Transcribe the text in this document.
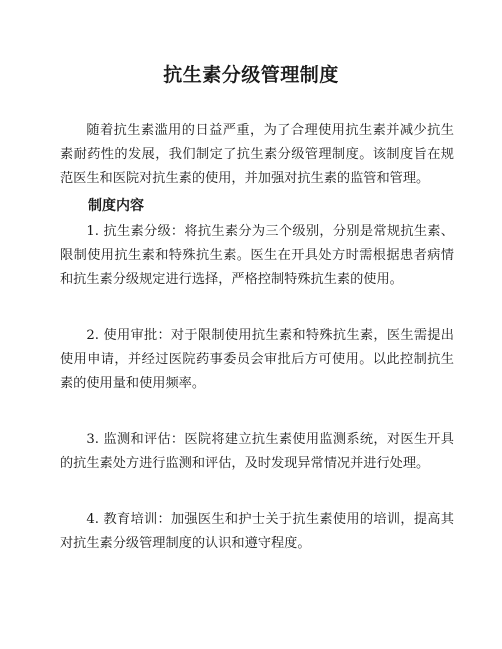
抗生素分级管理制度

随着抗生素滥用的日益严重，为了合理使用抗生素并减少抗生素耐药性的发展，我们制定了抗生素分级管理制度。该制度旨在规范医生和医院对抗生素的使用，并加强对抗生素的监管和管理。

制度内容

1. 抗生素分级：将抗生素分为三个级别，分别是常规抗生素、限制使用抗生素和特殊抗生素。医生在开具处方时需根据患者病情和抗生素分级规定进行选择，严格控制特殊抗生素的使用。

2. 使用审批：对于限制使用抗生素和特殊抗生素，医生需提出使用申请，并经过医院药事委员会审批后方可使用。以此控制抗生素的使用量和使用频率。

3. 监测和评估：医院将建立抗生素使用监测系统，对医生开具的抗生素处方进行监测和评估，及时发现异常情况并进行处理。

4. 教育培训：加强医生和护士关于抗生素使用的培训，提高其对抗生素分级管理制度的认识和遵守程度。
